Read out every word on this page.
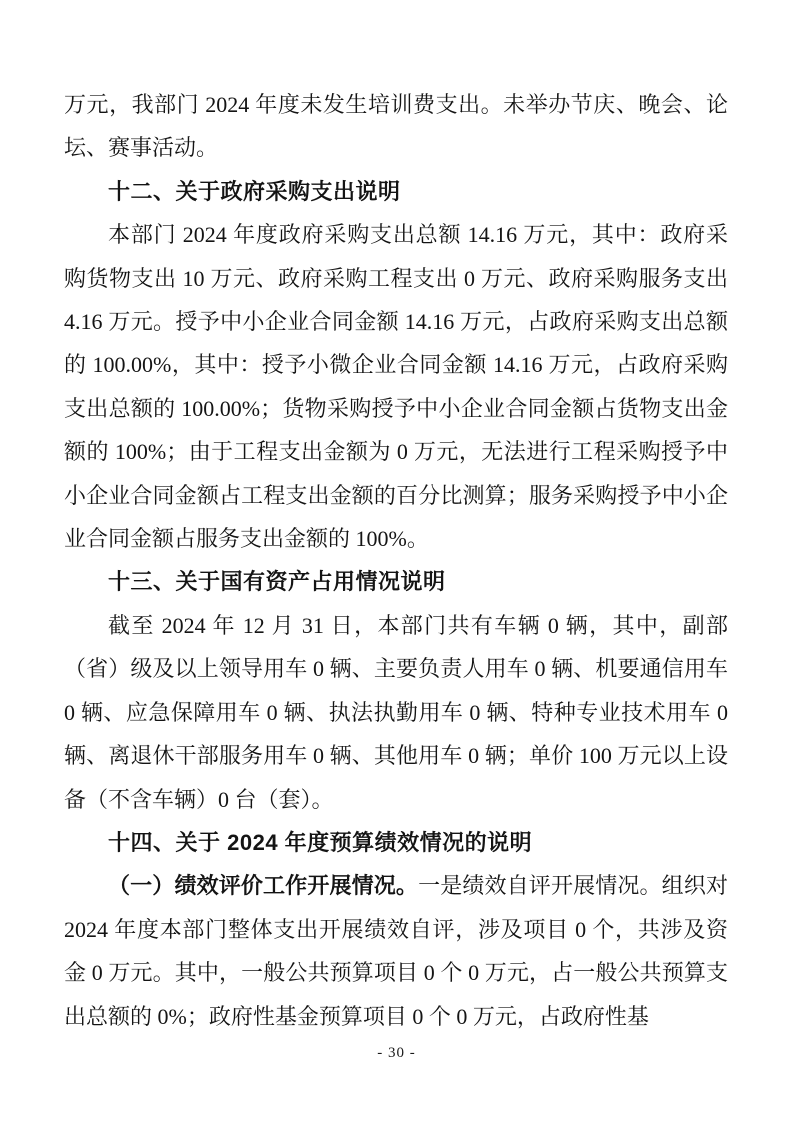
万元，我部门 2024 年度未发生培训费支出。未举办节庆、晚会、论坛、赛事活动。

十二、关于政府采购支出说明

本部门 2024 年度政府采购支出总额 14.16 万元，其中：政府采购货物支出 10 万元、政府采购工程支出 0 万元、政府采购服务支出 4.16 万元。授予中小企业合同金额 14.16 万元，占政府采购支出总额的 100.00%，其中：授予小微企业合同金额 14.16 万元，占政府采购支出总额的 100.00%；货物采购授予中小企业合同金额占货物支出金额的 100%；由于工程支出金额为 0 万元，无法进行工程采购授予中小企业合同金额占工程支出金额的百分比测算；服务采购授予中小企业合同金额占服务支出金额的 100%。

十三、关于国有资产占用情况说明

截至 2024 年 12 月 31 日，本部门共有车辆 0 辆，其中，副部（省）级及以上领导用车 0 辆、主要负责人用车 0 辆、机要通信用车 0 辆、应急保障用车 0 辆、执法执勤用车 0 辆、特种专业技术用车 0 辆、离退休干部服务用车 0 辆、其他用车 0 辆；单价 100 万元以上设备（不含车辆）0 台（套）。

十四、关于 2024 年度预算绩效情况的说明

（一）绩效评价工作开展情况。一是绩效自评开展情况。组织对 2024 年度本部门整体支出开展绩效自评，涉及项目 0 个，共涉及资金 0 万元。其中，一般公共预算项目 0 个 0 万元，占一般公共预算支出总额的 0%；政府性基金预算项目 0 个 0 万元，占政府性基

- 30 -
